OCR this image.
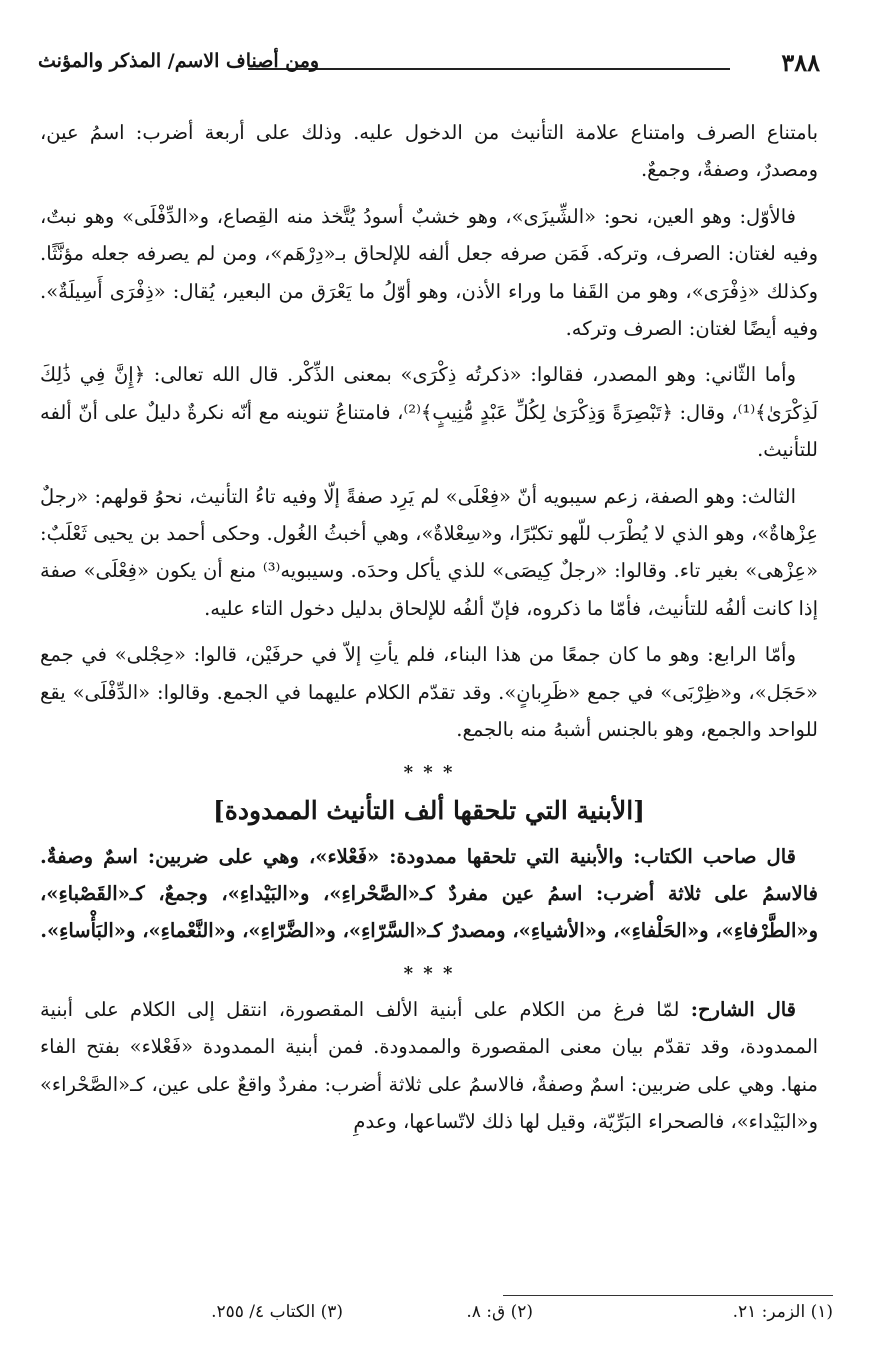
٣٨٨
ومن أصناف الاسم/ المذكر والمؤنث

بامتناع الصرف وامتناع علامة التأنيث من الدخول عليه. وذلك على أربعة أضرب: اسمُ عين، ومصدرٌ، وصفةٌ، وجمعٌ.

فالأوّل: وهو العين، نحو: «الشِّيزَى»، وهو خشبٌ أسودُ يُتَّخذ منه القِصاع، و«الدِّفْلَى» وهو نبتٌ، وفيه لغتان: الصرف، وتركه. فَمَن صرفه جعل ألفه للإلحاق بـ«دِرْهَم»، ومن لم يصرفه جعله مؤنَّثًا. وكذلك «ذِفْرَى»، وهو من القَفا ما وراء الأذن، وهو أوّلُ ما يَعْرَق من البعير، يُقال: «ذِفْرَى أَسِيلَةٌ». وفيه أيضًا لغتان: الصرف وتركه.

وأما الثّاني: وهو المصدر، فقالوا: «ذكرتُه ذِكْرَى» بمعنى الذِّكْر. قال الله تعالى: ﴿إِنَّ فِي ذَٰلِكَ لَذِكْرَىٰ﴾⁽¹⁾، وقال: ﴿تَبْصِرَةً وَذِكْرَىٰ لِكُلِّ عَبْدٍ مُّنِيبٍ﴾⁽²⁾، فامتناعُ تنوينه مع أنّه نكرةٌ دليلٌ على أنّ ألفه للتأنيث.

الثالث: وهو الصفة، زعم سيبويه أنّ «فِعْلَى» لم يَرِد صفةً إلّا وفيه تاءُ التأنيث، نحوُ قولهم: «رجلٌ عِزْهاةٌ»، وهو الذي لا يُطْرَب للّهو تكبّرًا، و«سِعْلاةٌ»، وهي أخبثُ الغُول. وحكى أحمد بن يحيى ثَعْلَبٌ: «عِزْهى» بغير تاء. وقالوا: «رجلٌ كِيصَى» للذي يأكل وحدَه. وسيبويه⁽³⁾ منع أن يكون «فِعْلَى» صفة إذا كانت ألفُه للتأنيث، فأمّا ما ذكروه، فإنّ ألفُه للإلحاق بدليل دخول التاء عليه.

وأمّا الرابع: وهو ما كان جمعًا من هذا البناء، فلم يأتِ إلاّ في حرفَيْن، قالوا: «حِجْلى» في جمع «حَجَل»، و«ظِرْبَى» في جمع «ظَرِبانٍ». وقد تقدّم الكلام عليهما في الجمع. وقالوا: «الدِّفْلَى» يقع للواحد والجمع، وهو بالجنس أشبهُ منه بالجمع.

* * *
[الأبنية التي تلحقها ألف التأنيث الممدودة]

قال صاحب الكتاب: والأبنية التي تلحقها ممدودة: «فَعْلاء»، وهي على ضربين: اسمٌ وصفةٌ. فالاسمُ على ثلاثة أضرب: اسمُ عين مفردٌ كـ«الصَّحْراءِ»، و«البَيْداءِ»، وجمعٌ، كـ«القَصْباءِ»، و«الطَّرْفاءِ»، و«الحَلْفاءِ»، و«الأشياءِ»، ومصدرٌ كـ«السَّرّاءِ»، و«الضَّرّاءِ»، و«النَّعْماءِ»، و«البَأْساءِ».

* * *

قال الشارح: لمّا فرغ من الكلام على أبنية الألف المقصورة، انتقل إلى الكلام على أبنية الممدودة، وقد تقدّم بيان معنى المقصورة والممدودة. فمن أبنية الممدودة «فَعْلاء» بفتح الفاء منها. وهي على ضربين: اسمٌ وصفةٌ، فالاسمُ على ثلاثة أضرب: مفردٌ واقعٌ على عين، كـ«الصَّحْراء» و«البَيْداء»، فالصحراء البَرِّيّة، وقيل لها ذلك لاتّساعها، وعدمِ

(١) الزمر: ٢١.
(٢) ق: ٨.
(٣) الكتاب ٤/ ٢٥٥.
